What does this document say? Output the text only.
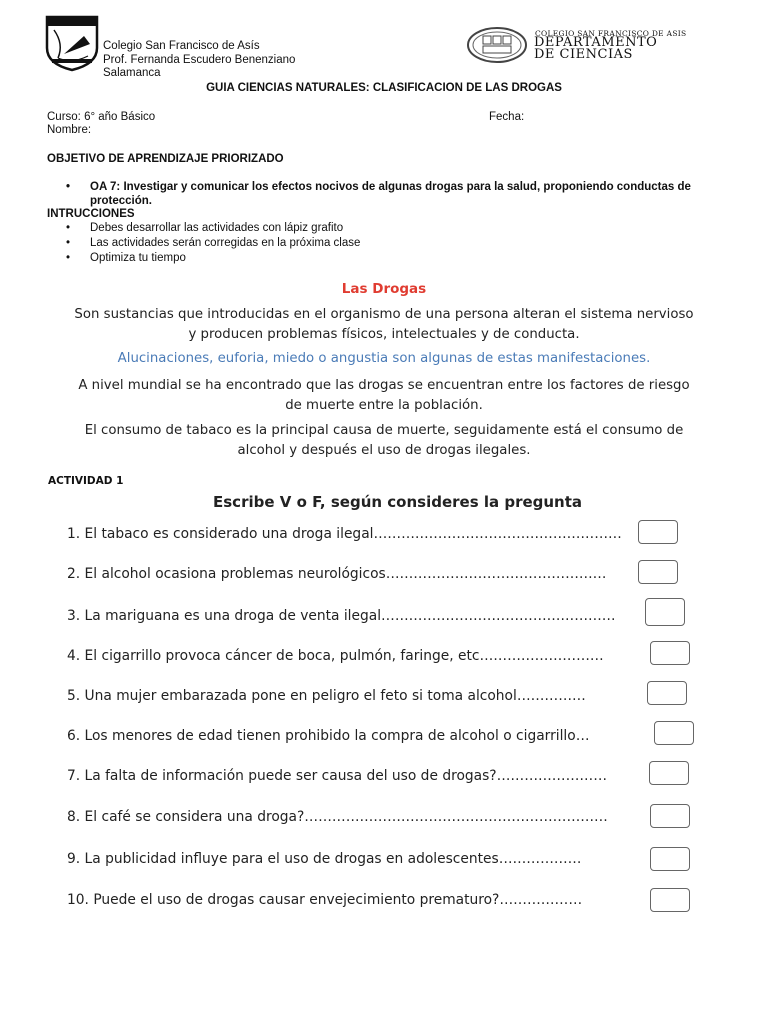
Colegio San Francisco de Asís
Prof. Fernanda Escudero Benenziano
Salamanca
COLEGIO SAN FRANCISCO DE ASIS
DEPARTAMENTO
DE CIENCIAS
GUIA CIENCIAS NATURALES: CLASIFICACION DE LAS DROGAS
Curso: 6° año Básico	Fecha:
Nombre:
OBJETIVO DE APRENDIZAJE PRIORIZADO
• OA 7: Investigar y comunicar los efectos nocivos de algunas drogas para la salud, proponiendo conductas de protección.
INTRUCCIONES
• Debes desarrollar las actividades con lápiz grafito
• Las actividades serán corregidas en la próxima clase
• Optimiza tu tiempo
Las Drogas
Son sustancias que introducidas en el organismo de una persona alteran el sistema nervioso
y producen problemas físicos, intelectuales y de conducta.
Alucinaciones, euforia, miedo o angustia son algunas de estas manifestaciones.
A nivel mundial se ha encontrado que las drogas se encuentran entre los factores de riesgo
de muerte entre la población.
El consumo de tabaco es la principal causa de muerte, seguidamente está el consumo de
alcohol y después el uso de drogas ilegales.
ACTIVIDAD 1
Escribe V o F, según consideres la pregunta
1. El tabaco es considerado una droga ilegal………………………………………………
2. El alcohol ocasiona problemas neurológicos…………………………………………
3. La mariguana es una droga de venta ilegal……………………………………………
4. El cigarrillo provoca cáncer de boca, pulmón, faringe, etc………………………
5. Una mujer embarazada pone en peligro el feto si toma alcohol……………
6. Los menores de edad tienen prohibido la compra de alcohol o cigarrillo…
7. La falta de información puede ser causa del uso de drogas?……………………
8. El café se considera una droga?…………………………………………………………
9. La publicidad influye para el uso de drogas en adolescentes………………
10. Puede el uso de drogas causar envejecimiento prematuro?………………
